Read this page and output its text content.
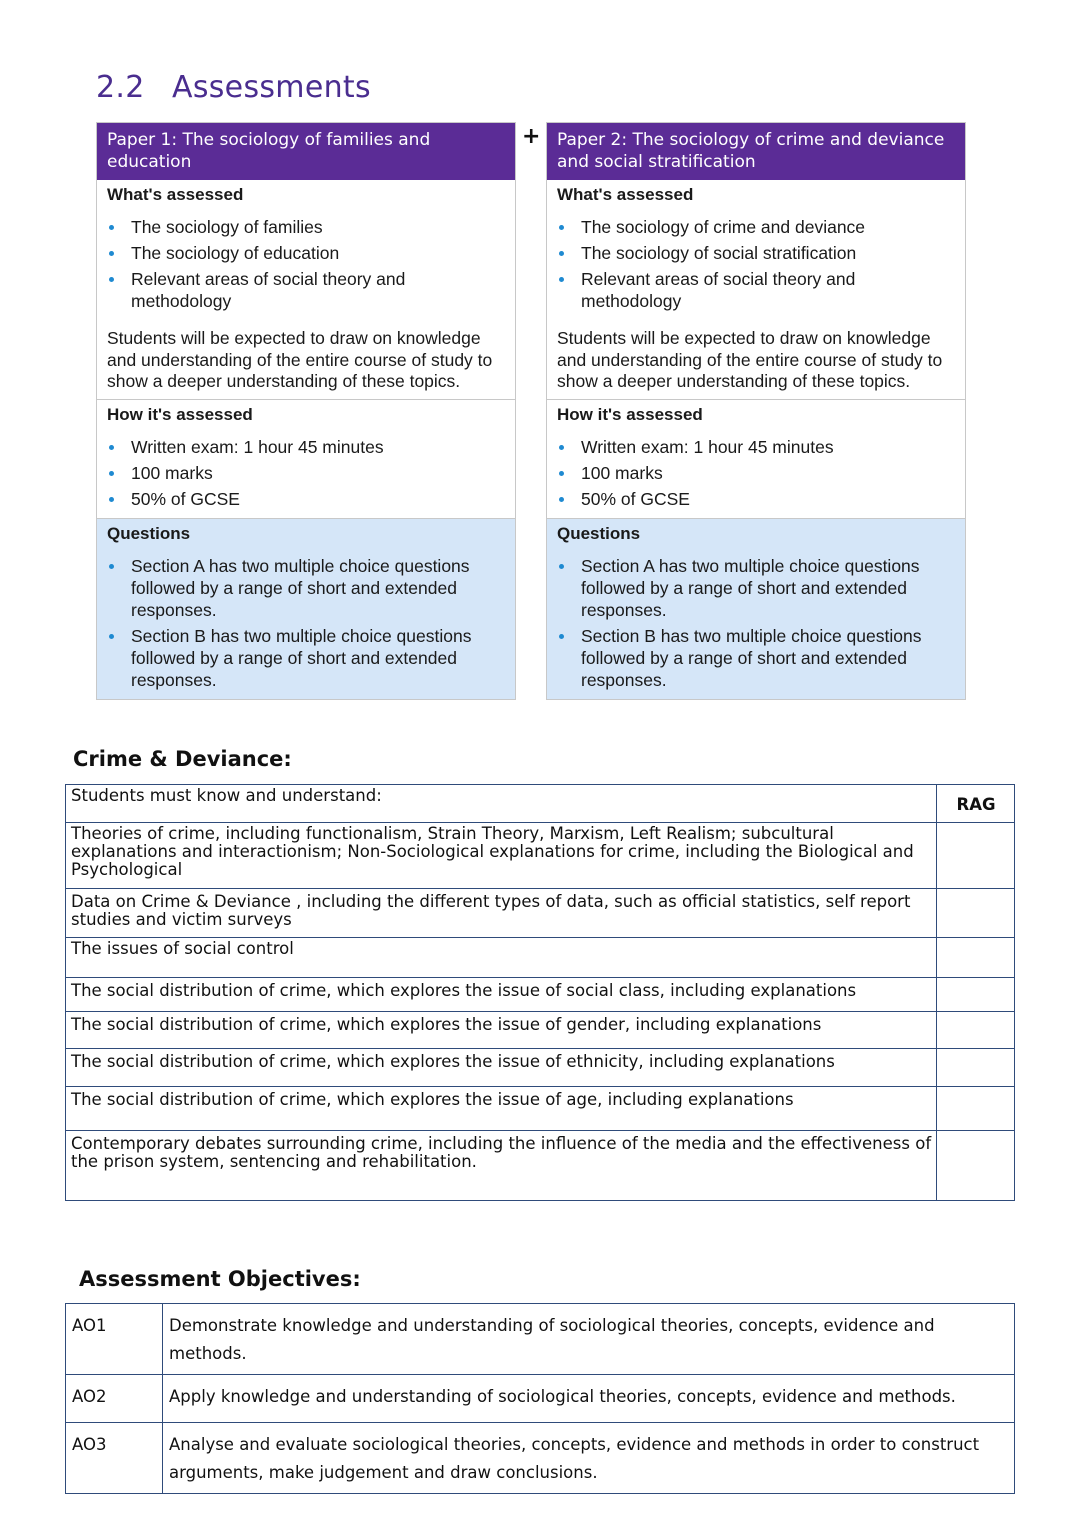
2.2 Assessments
Paper 1: The sociology of families and education
What's assessed
The sociology of families
The sociology of education
Relevant areas of social theory and methodology
Students will be expected to draw on knowledge and understanding of the entire course of study to show a deeper understanding of these topics.
How it's assessed
Written exam: 1 hour 45 minutes
100 marks
50% of GCSE
Questions
Section A has two multiple choice questions followed by a range of short and extended responses.
Section B has two multiple choice questions followed by a range of short and extended responses.
+ Paper 2: The sociology of crime and deviance and social stratification
What's assessed
The sociology of crime and deviance
The sociology of social stratification
Relevant areas of social theory and methodology
Students will be expected to draw on knowledge and understanding of the entire course of study to show a deeper understanding of these topics.
How it's assessed
Written exam: 1 hour 45 minutes
100 marks
50% of GCSE
Questions
Section A has two multiple choice questions followed by a range of short and extended responses.
Section B has two multiple choice questions followed by a range of short and extended responses.
Crime & Deviance:
Students must know and understand:	RAG
Theories of crime, including functionalism, Strain Theory, Marxism, Left Realism; subcultural explanations and interactionism; Non-Sociological explanations for crime, including the Biological and Psychological	
Data on Crime & Deviance , including the different types of data, such as official statistics, self report studies and victim surveys	
The issues of social control	
The social distribution of crime, which explores the issue of social class, including explanations	
The social distribution of crime, which explores the issue of gender, including explanations	
The social distribution of crime, which explores the issue of ethnicity, including explanations	
The social distribution of crime, which explores the issue of age, including explanations	
Contemporary debates surrounding crime, including the influence of the media and the effectiveness of the prison system, sentencing and rehabilitation.	
Assessment Objectives:
AO1	Demonstrate knowledge and understanding of sociological theories, concepts, evidence and methods.
AO2	Apply knowledge and understanding of sociological theories, concepts, evidence and methods.
AO3	Analyse and evaluate sociological theories, concepts, evidence and methods in order to construct arguments, make judgement and draw conclusions.
